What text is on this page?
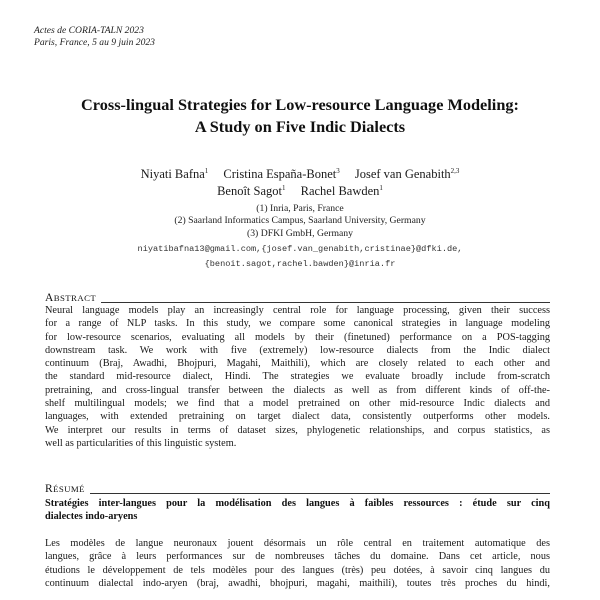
Actes de CORIA-TALN 2023
Paris, France, 5 au 9 juin 2023
Cross-lingual Strategies for Low-resource Language Modeling:
A Study on Five Indic Dialects
Niyati Bafna$^1$ Cristina España-Bonet$^3$ Josef van Genabith$^{2,3}$
Benoît Sagot$^1$ Rachel Bawden$^1$
(1) Inria, Paris, France
(2) Saarland Informatics Campus, Saarland University, Germany
(3) DFKI GmbH, Germany
niyatibafna13@gmail.com,{josef.van_genabith,cristinae}@dfki.de,
{benoit.sagot,rachel.bawden}@inria.fr
A BSTRACT
Neural language models play an increasingly central role for language processing, given their success
for a range of NLP tasks. In this study, we compare some canonical strategies in language modeling
for low-resource scenarios, evaluating all models by their (finetuned) performance on a POS-tagging
downstream task. We work with five (extremely) low-resource dialects from the Indic dialect
continuum (Braj, Awadhi, Bhojpuri, Magahi, Maithili), which are closely related to each other and
the standard mid-resource dialect, Hindi. The strategies we evaluate broadly include from-scratch
pretraining, and cross-lingual transfer between the dialects as well as from different kinds of off-the-
shelf multilingual models; we find that a model pretrained on other mid-resource Indic dialects and
languages, with extended pretraining on target dialect data, consistently outperforms other models.
We interpret our results in terms of dataset sizes, phylogenetic relationships, and corpus statistics, as
well as particularities of this linguistic system.
R ÉSUMÉ
Stratégies inter-langues pour la modélisation des langues à faibles ressources : étude sur cinq
dialectes indo-aryens
Les modèles de langue neuronaux jouent désormais un rôle central en traitement automatique des
langues, grâce à leurs performances sur de nombreuses tâches du domaine. Dans cet article, nous
étudions le développement de tels modèles pour des langues (très) peu dotées, à savoir cinq langues du
continuum dialectal indo-aryen (braj, awadhi, bhojpuri, magahi, maithili), toutes très proches du hindi,
